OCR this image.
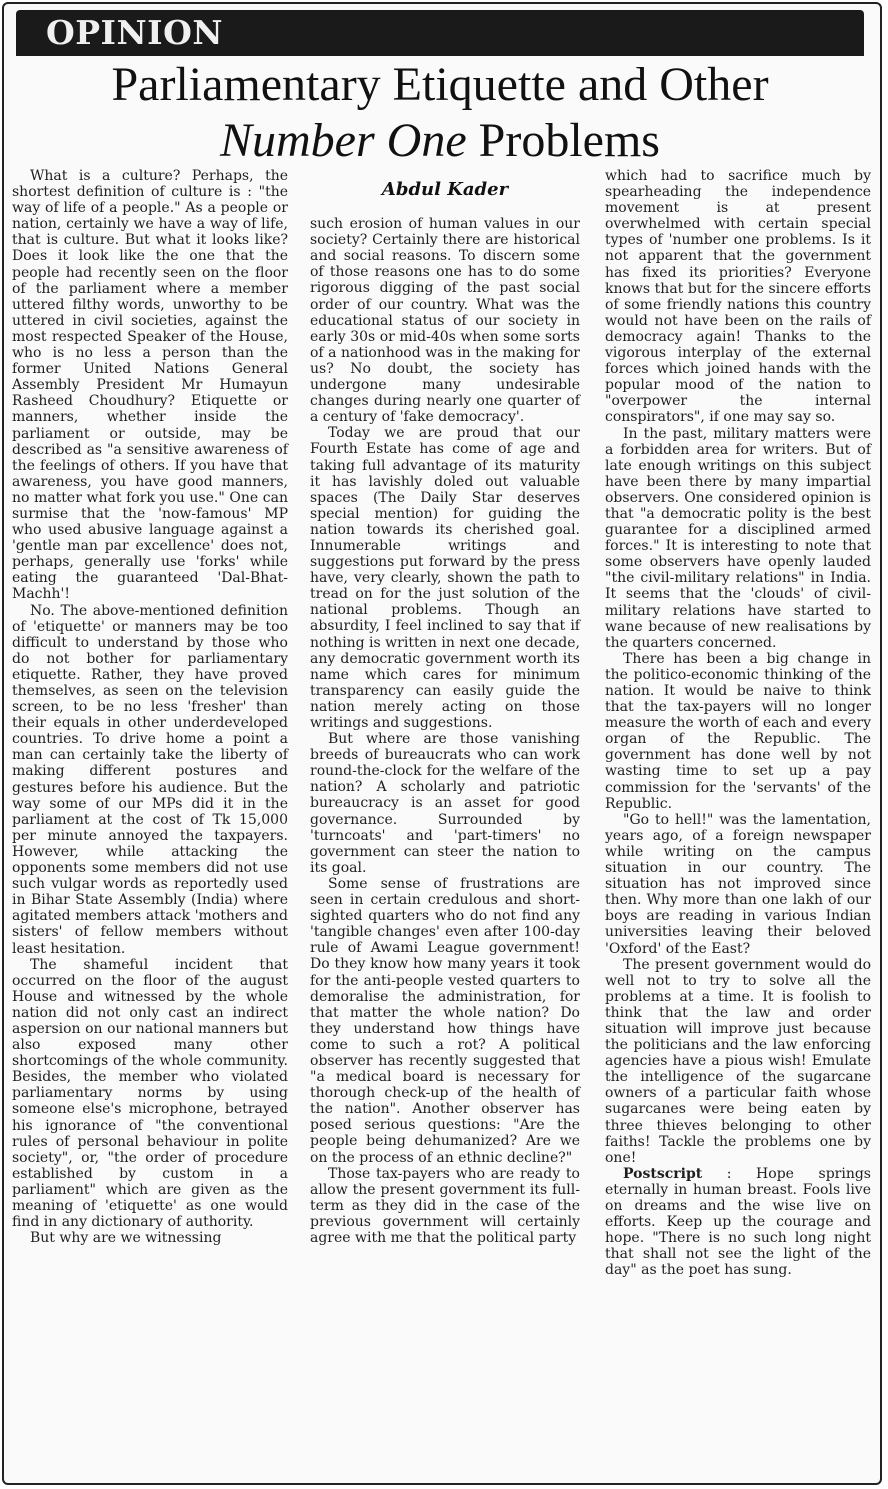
OPINION
Parliamentary Etiquette and Other
Number One Problems

What is a culture? Perhaps, the shortest definition of culture is : "the way of life of a people." As a people or nation, certainly we have a way of life, that is culture. But what it looks like? Does it look like the one that the people had recently seen on the floor of the parliament where a member uttered filthy words, unworthy to be uttered in civil societies, against the most respected Speaker of the House, who is no less a person than the former United Nations General Assembly President Mr Humayun Rasheed Choudhury? Etiquette or manners, whether inside the parliament or outside, may be described as "a sensitive awareness of the feelings of others. If you have that awareness, you have good manners, no matter what fork you use." One can surmise that the 'now-famous' MP who used abusive language against a 'gentle man par excellence' does not, perhaps, generally use 'forks' while eating the guaranteed 'Dal-Bhat-Machh'!

No. The above-mentioned definition of 'etiquette' or manners may be too difficult to understand by those who do not bother for parliamentary etiquette. Rather, they have proved themselves, as seen on the television screen, to be no less 'fresher' than their equals in other underdeveloped countries. To drive home a point a man can certainly take the liberty of making different postures and gestures before his audience. But the way some of our MPs did it in the parliament at the cost of Tk 15,000 per minute annoyed the taxpayers. However, while attacking the opponents some members did not use such vulgar words as reportedly used in Bihar State Assembly (India) where agitated members attack 'mothers and sisters' of fellow members without least hesitation.

The shameful incident that occurred on the floor of the august House and witnessed by the whole nation did not only cast an indirect aspersion on our national manners but also exposed many other shortcomings of the whole community. Besides, the member who violated parliamentary norms by using someone else's microphone, betrayed his ignorance of "the conventional rules of personal behaviour in polite society", or, "the order of procedure established by custom in a parliament" which are given as the meaning of 'etiquette' as one would find in any dictionary of authority.

But why are we witnessing

Abdul Kader

such erosion of human values in our society? Certainly there are historical and social reasons. To discern some of those reasons one has to do some rigorous digging of the past social order of our country. What was the educational status of our society in early 30s or mid-40s when some sorts of a nationhood was in the making for us? No doubt, the society has undergone many undesirable changes during nearly one quarter of a century of 'fake democracy'.

Today we are proud that our Fourth Estate has come of age and taking full advantage of its maturity it has lavishly doled out valuable spaces (The Daily Star deserves special mention) for guiding the nation towards its cherished goal. Innumerable writings and suggestions put forward by the press have, very clearly, shown the path to tread on for the just solution of the national problems. Though an absurdity, I feel inclined to say that if nothing is written in next one decade, any democratic government worth its name which cares for minimum transparency can easily guide the nation merely acting on those writings and suggestions.

But where are those vanishing breeds of bureaucrats who can work round-the-clock for the welfare of the nation? A scholarly and patriotic bureaucracy is an asset for good governance. Surrounded by 'turncoats' and 'part-timers' no government can steer the nation to its goal.

Some sense of frustrations are seen in certain credulous and short-sighted quarters who do not find any 'tangible changes' even after 100-day rule of Awami League government! Do they know how many years it took for the anti-people vested quarters to demoralise the administration, for that matter the whole nation? Do they understand how things have come to such a rot? A political observer has recently suggested that "a medical board is necessary for thorough check-up of the health of the nation". Another observer has posed serious questions: "Are the people being dehumanized? Are we on the process of an ethnic decline?"

Those tax-payers who are ready to allow the present government its full-term as they did in the case of the previous government will certainly agree with me that the political party

which had to sacrifice much by spearheading the independence movement is at present overwhelmed with certain special types of 'number one problems. Is it not apparent that the government has fixed its priorities? Everyone knows that but for the sincere efforts of some friendly nations this country would not have been on the rails of democracy again! Thanks to the vigorous interplay of the external forces which joined hands with the popular mood of the nation to "overpower the internal conspirators", if one may say so.

In the past, military matters were a forbidden area for writers. But of late enough writings on this subject have been there by many impartial observers. One considered opinion is that "a democratic polity is the best guarantee for a disciplined armed forces." It is interesting to note that some observers have openly lauded "the civil-military relations" in India. It seems that the 'clouds' of civil-military relations have started to wane because of new realisations by the quarters concerned.

There has been a big change in the politico-economic thinking of the nation. It would be naive to think that the tax-payers will no longer measure the worth of each and every organ of the Republic. The government has done well by not wasting time to set up a pay commission for the 'servants' of the Republic.

"Go to hell!" was the lamentation, years ago, of a foreign newspaper while writing on the campus situation in our country. The situation has not improved since then. Why more than one lakh of our boys are reading in various Indian universities leaving their beloved 'Oxford' of the East?

The present government would do well not to try to solve all the problems at a time. It is foolish to think that the law and order situation will improve just because the politicians and the law enforcing agencies have a pious wish! Emulate the intelligence of the sugarcane owners of a particular faith whose sugarcanes were being eaten by three thieves belonging to other faiths! Tackle the problems one by one!

Postscript : Hope springs eternally in human breast. Fools live on dreams and the wise live on efforts. Keep up the courage and hope. "There is no such long night that shall not see the light of the day" as the poet has sung.
